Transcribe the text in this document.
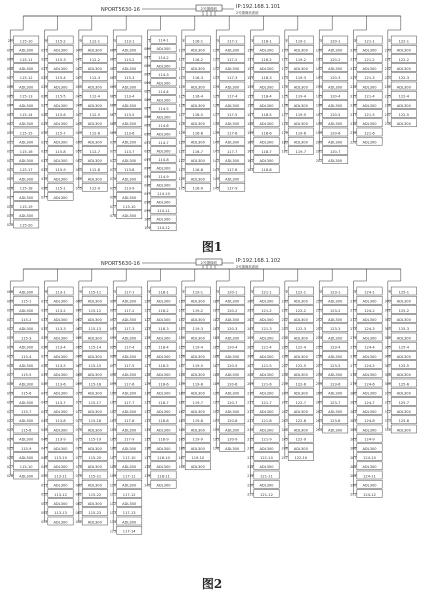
NPORT5630-16	2号摄像机	IP:192.168.1.101
2号摄像机系统
2号 115-10
010 ADL300
009 115-11
008 ADL300
007 115-12
006 ADL300
005 115-13
004 ADL300
003 115-14
002 ADL300
001 115-15
011 ADL300
012 115-16
013 ADL300
014 115-17
015 ADL300
016 115-18
017 ADL300
018 115-19
019 ADL300
020 115-20
0 115-2
021 ADL300
022 115-3
023 ADL300
024 115-4
025 ADL300
026 115-5
027 ADL300
028 115-6
029 ADL300
030 115-7
031 ADL300
032 115-8
033 ADL300
034 115-9
035 ADL300
036 115-1
037 ADL300
0 112-1
040 ADL300
041 112-2
042 ADL300
043 112-3
044 ADL300
045 112-4
046 ADL300
047 112-5
048 ADL300
049 112-6
050 ADL300
051 112-7
052 ADL300
053 112-8
054 ADL300
055 112-9
1 113-1
060 ADL300
061 113-2
062 ADL300
063 113-3
064 ADL300
065 113-4
066 ADL300
067 113-5
068 ADL300
069 113-6
070 ADL300
071 113-7
072 ADL300
073 113-8
074 ADL300
075 113-9
076 ADL300
077 113-10
078 ADL300
1 114-1
080 ADL300
081 114-2
082 ADL300
083 114-3
084 ADL300
085 114-4
086 ADL300
087 114-5
088 ADL300
089 114-6
090 ADL300
091 114-7
092 ADL300
093 114-8
094 ADL300
095 114-9
096 ADL300
097 114-10
098 ADL300
099 114-11
100 ADL300
101 114-12
1 116-1
110 ADL300
111 116-2
112 ADL300
113 116-3
114 ADL300
115 116-4
116 ADL300
117 116-5
118 ADL300
119 116-6
120 ADL300
121 116-7
122 ADL300
123 116-8
124 ADL300
125 116-9
1 117-1
130 ADL300
131 117-2
132 ADL300
133 117-3
134 ADL300
135 117-4
136 ADL300
137 117-5
138 ADL300
139 117-6
140 ADL300
141 117-7
142 ADL300
143 117-8
144 ADL300
145 117-9
1 118-1
150 ADL300
151 118-2
152 ADL300
153 118-3
154 ADL300
155 118-4
156 ADL300
157 118-5
158 ADL300
159 118-6
160 ADL300
161 118-7
162 ADL300
163 118-8
1 119-1
170 ADL300
171 119-2
172 ADL300
173 119-3
174 ADL300
175 119-4
176 ADL300
177 119-5
178 ADL300
179 119-6
180 ADL300
181 119-7
1 120-1
190 ADL300
191 120-2
192 ADL300
193 120-3
194 ADL300
195 120-4
196 ADL300
197 120-5
198 ADL300
199 120-6
200 ADL300
201 120-7
202 ADL300
2 121-1
210 ADL300
211 121-2
212 ADL300
213 121-3
214 ADL300
215 121-4
216 ADL300
217 121-5
218 ADL300
219 121-6
220 ADL300
2 122-1
230 ADL300
231 122-2
232 ADL300
233 122-3
234 ADL300
235 122-4
236 ADL300
237 122-5
238 ADL300
图1
NPORT5630-16	2号摄像机	IP:192.168.1.102
2号摄像机系统
008 ADL300
009 115-1
010 ADL300
011 115-2
012 ADL300
013 115-3
014 ADL300
015 115-4
016 ADL300
017 115-5
018 ADL300
019 115-6
020 ADL300
021 115-7
022 ADL300
023 115-8
024 ADL300
025 115-9
026 ADL300
027 115-10
028 ADL300
0 113-1
031 ADL300
032 113-2
033 ADL300
034 113-3
035 ADL300
036 113-4
037 ADL300
038 113-5
039 ADL300
040 113-6
041 ADL300
042 113-7
043 ADL300
044 113-8
045 ADL300
046 113-9
047 ADL300
048 113-10
049 ADL300
050 113-11
051 ADL300
052 113-12
053 ADL300
054 113-13
055 ADL300
0 115-11
060 ADL300
061 115-12
062 ADL300
063 115-13
064 ADL300
065 115-14
066 ADL300
067 115-15
068 ADL300
069 115-16
070 ADL300
071 115-17
072 ADL300
073 115-18
074 ADL300
075 115-19
076 ADL300
077 115-20
078 ADL300
079 115-21
080 ADL300
081 115-22
082 ADL300
083 115-23
084 ADL300
1 117-1
090 ADL300
091 117-2
092 ADL300
093 117-3
094 ADL300
095 117-4
096 ADL300
097 117-5
098 ADL300
099 117-6
100 ADL300
101 117-7
102 ADL300
103 117-8
104 ADL300
105 117-9
106 ADL300
107 117-10
108 ADL300
109 117-11
110 ADL300
111 117-12
112 ADL300
113 117-13
114 ADL300
115 117-14
1 118-1
120 ADL300
121 118-2
122 ADL300
123 118-3
124 ADL300
125 118-4
126 ADL300
127 118-5
128 ADL300
129 118-6
130 ADL300
131 118-7
132 ADL300
133 118-8
134 ADL300
135 118-9
136 ADL300
137 118-10
138 ADL300
139 118-11
140 ADL300
1 119-1
150 ADL300
151 119-2
152 ADL300
153 119-3
154 ADL300
155 119-4
156 ADL300
157 119-5
158 ADL300
159 119-6
160 ADL300
161 119-7
162 ADL300
163 119-8
164 ADL300
165 119-9
166 ADL300
167 119-10
168 ADL300
1 120-1
180 ADL300
181 120-2
182 ADL300
183 120-3
184 ADL300
185 120-4
186 ADL300
187 120-5
188 ADL300
189 120-6
190 ADL300
191 120-7
192 ADL300
193 120-8
194 ADL300
195 120-9
196 ADL300
2 121-1
200 ADL300
201 121-2
202 ADL300
203 121-3
204 ADL300
205 121-4
206 ADL300
207 121-5
208 ADL300
209 121-6
210 ADL300
211 121-7
212 ADL300
213 121-8
214 ADL300
215 121-9
216 ADL300
217 121-10
218 ADL300
219 121-11
220 ADL300
221 121-12
2 122-1
230 ADL300
231 122-2
232 ADL300
233 122-3
234 ADL300
235 122-4
236 ADL300
237 122-5
238 ADL300
239 122-6
240 ADL300
241 122-7
242 ADL300
243 122-8
244 ADL300
245 122-9
246 ADL300
247 122-10
2 123-1
250 ADL300
251 123-2
252 ADL300
253 123-3
254 ADL300
255 123-4
256 ADL300
257 123-5
258 ADL300
259 123-6
260 ADL300
261 123-7
262 ADL300
263 123-8
264 ADL300
2 124-1
270 ADL300
271 124-2
272 ADL300
273 124-3
274 ADL300
275 124-4
276 ADL300
277 124-5
278 ADL300
279 124-6
280 ADL300
281 124-7
282 ADL300
283 124-8
284 ADL300
285 124-9
286 ADL300
287 124-10
288 ADL300
289 124-11
290 ADL300
291 124-12
3 125-1
300 ADL300
301 125-2
302 ADL300
303 125-3
304 ADL300
305 125-4
306 ADL300
307 125-5
308 ADL300
309 125-6
310 ADL300
311 125-7
312 ADL300
313 125-8
314 ADL300
图2
